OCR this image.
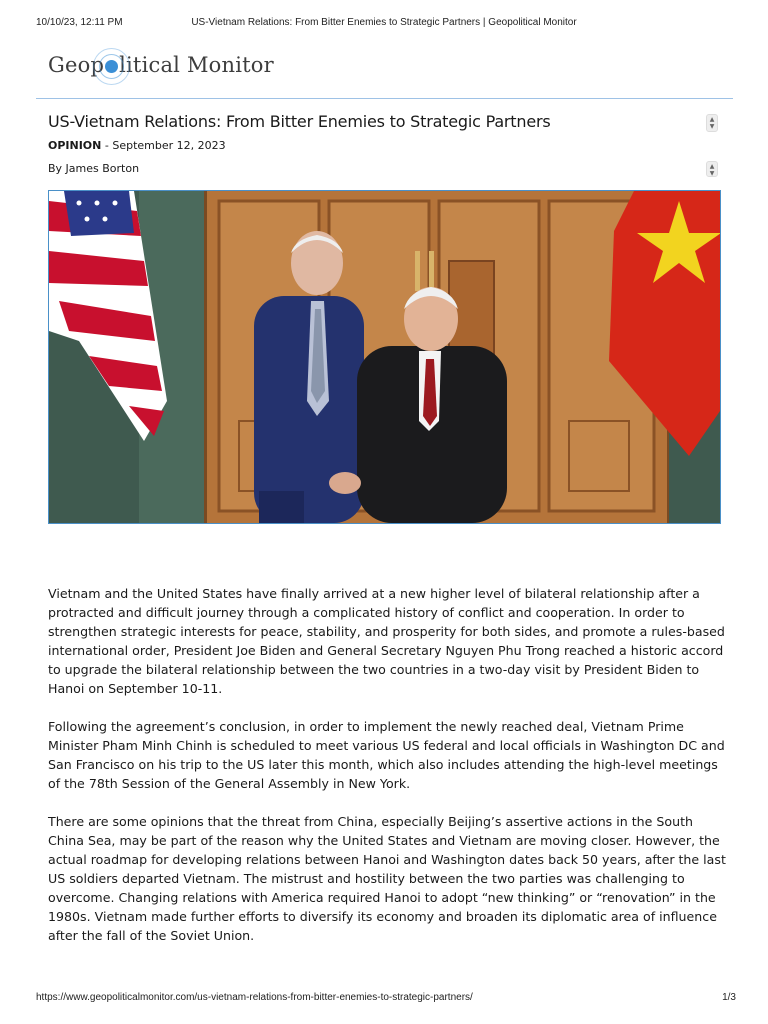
10/10/23, 12:11 PM	US-Vietnam Relations: From Bitter Enemies to Strategic Partners | Geopolitical Monitor
Geop litical Monitor
US-Vietnam Relations: From Bitter Enemies to Strategic Partners	▲
▼
OPINION - September 12, 2023
By James Borton	▲
▼

Vietnam and the United States have finally arrived at a new higher level of bilateral relationship after a protracted and difficult journey through a complicated history of conflict and cooperation. In order to strengthen strategic interests for peace, stability, and prosperity for both sides, and promote a rules-based international order, President Joe Biden and General Secretary Nguyen Phu Trong reached a historic accord to upgrade the bilateral relationship between the two countries in a two-day visit by President Biden to Hanoi on September 10-11.

Following the agreement’s conclusion, in order to implement the newly reached deal, Vietnam Prime Minister Pham Minh Chinh is scheduled to meet various US federal and local officials in Washington DC and San Francisco on his trip to the US later this month, which also includes attending the high-level meetings of the 78th Session of the General Assembly in New York.

There are some opinions that the threat from China, especially Beijing’s assertive actions in the South China Sea, may be part of the reason why the United States and Vietnam are moving closer. However, the actual roadmap for developing relations between Hanoi and Washington dates back 50 years, after the last US soldiers departed Vietnam. The mistrust and hostility between the two parties was challenging to overcome. Changing relations with America required Hanoi to adopt “new thinking” or “renovation” in the 1980s. Vietnam made further efforts to diversify its economy and broaden its diplomatic area of influence after the fall of the Soviet Union.

https://www.geopoliticalmonitor.com/us-vietnam-relations-from-bitter-enemies-to-strategic-partners/	1/3
